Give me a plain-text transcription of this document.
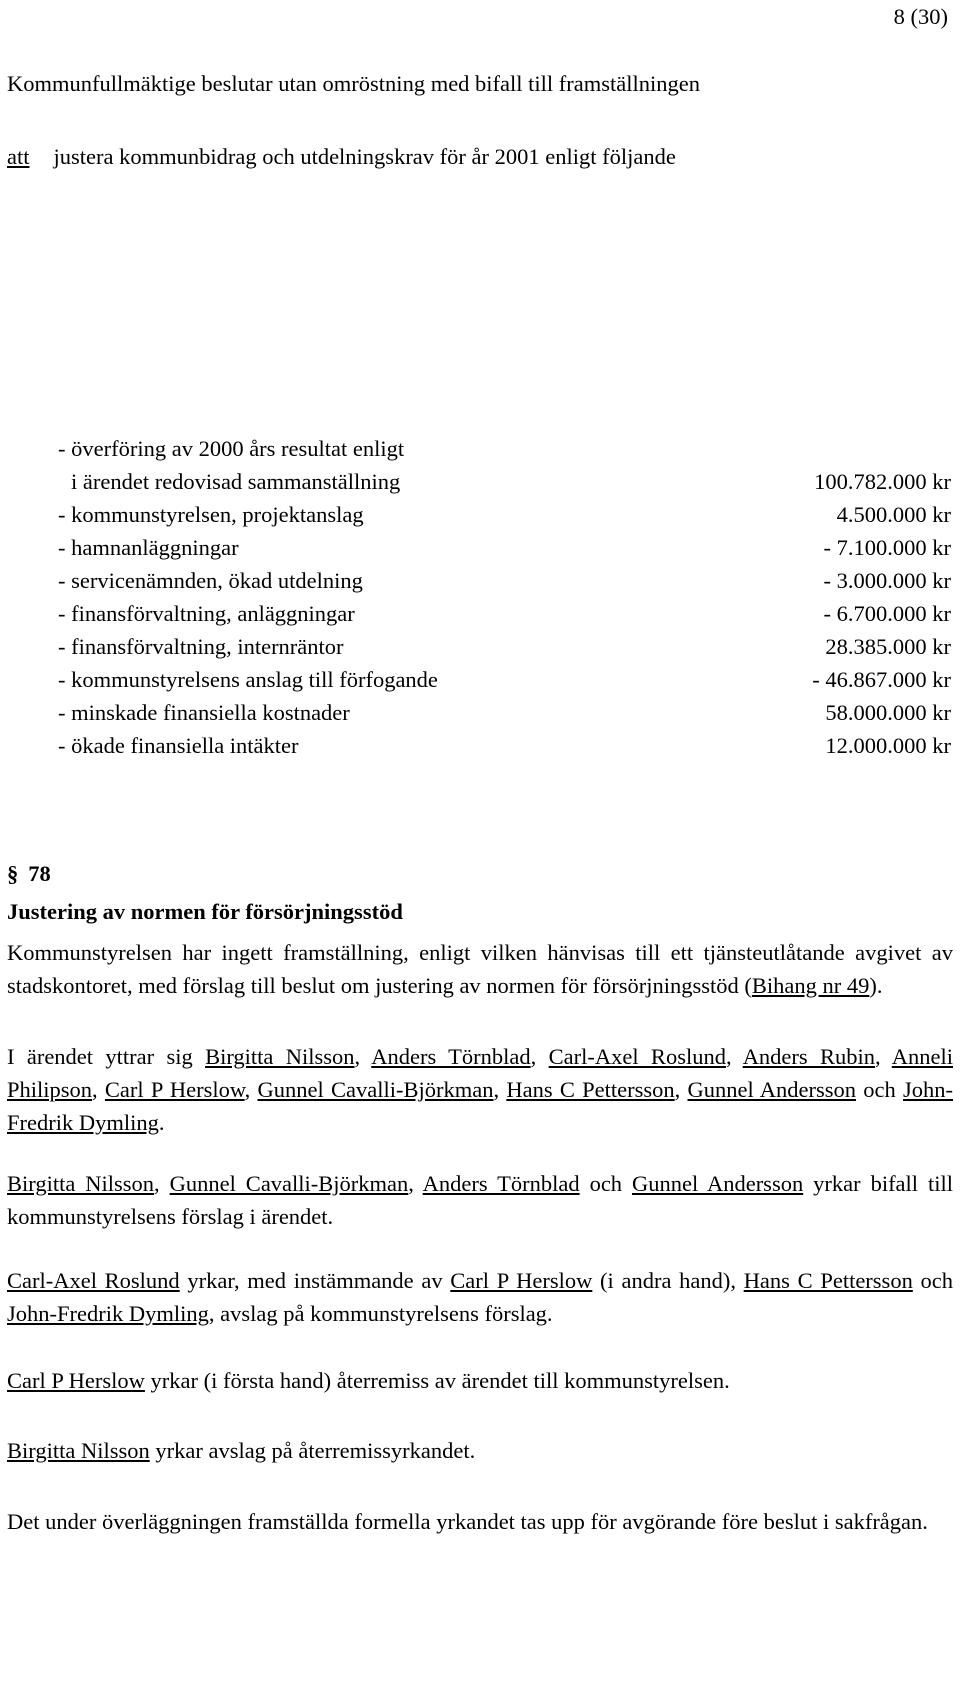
8 (30)
Kommunfullmäktige beslutar utan omröstning med bifall till framställningen
att justera kommunbidrag och utdelningskrav för år 2001 enligt följande
- överföring av 2000 års resultat enligt
i ärendet redovisad sammanställning	100.782.000 kr
- kommunstyrelsen, projektanslag	4.500.000 kr
- hamnanläggningar	- 7.100.000 kr
- servicenämnden, ökad utdelning	- 3.000.000 kr
- finansförvaltning, anläggningar	- 6.700.000 kr
- finansförvaltning, internräntor	28.385.000 kr
- kommunstyrelsens anslag till förfogande	- 46.867.000 kr
- minskade finansiella kostnader	58.000.000 kr
- ökade finansiella intäkter	12.000.000 kr
§ 78
Justering av normen för försörjningsstöd
Kommunstyrelsen har ingett framställning, enligt vilken hänvisas till ett tjänsteutlåtande avgivet av stadskontoret, med förslag till beslut om justering av normen för försörjningsstöd (Bihang nr 49).
I ärendet yttrar sig Birgitta Nilsson, Anders Törnblad, Carl-Axel Roslund, Anders Rubin, Anneli Philipson, Carl P Herslow, Gunnel Cavalli-Björkman, Hans C Pettersson, Gunnel Andersson och John-Fredrik Dymling.
Birgitta Nilsson, Gunnel Cavalli-Björkman, Anders Törnblad och Gunnel Andersson yrkar bifall till kommunstyrelsens förslag i ärendet.
Carl-Axel Roslund yrkar, med instämmande av Carl P Herslow (i andra hand), Hans C Pettersson och John-Fredrik Dymling, avslag på kommunstyrelsens förslag.
Carl P Herslow yrkar (i första hand) återremiss av ärendet till kommunstyrelsen.
Birgitta Nilsson yrkar avslag på återremissyrkandet.
Det under överläggningen framställda formella yrkandet tas upp för avgörande före beslut i sakfrågan.
